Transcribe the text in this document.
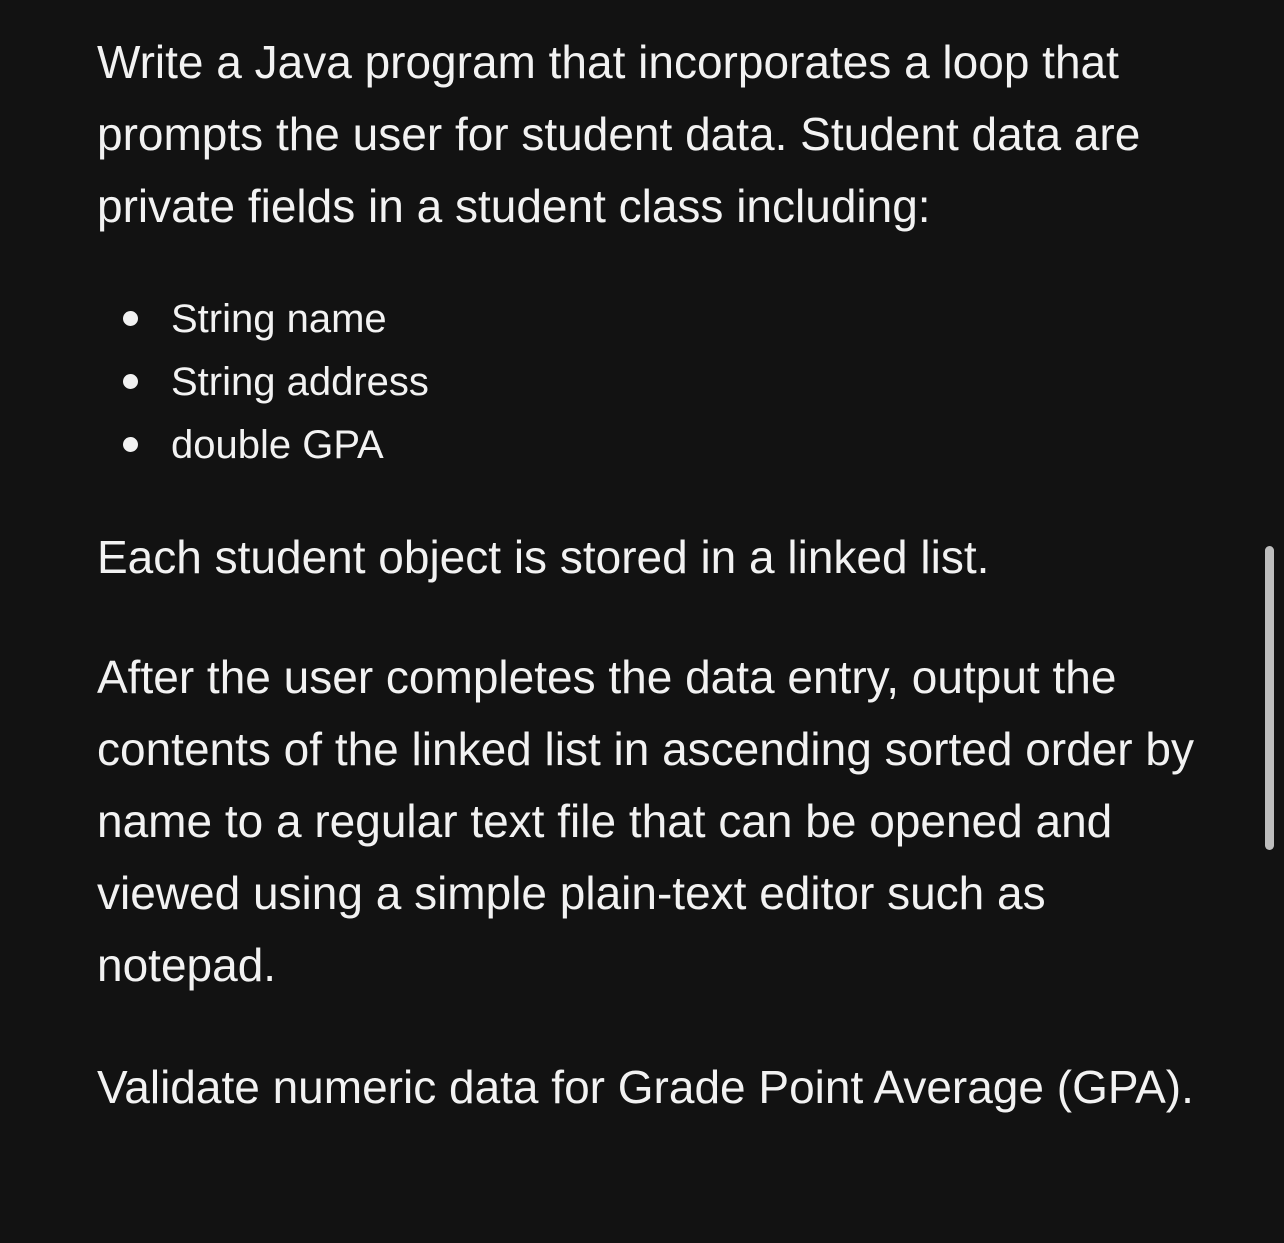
Write a Java program that incorporates a loop that prompts the user for student data. Student data are private fields in a student class including:

String name
String address
double GPA

Each student object is stored in a linked list.

After the user completes the data entry, output the contents of the linked list in ascending sorted order by name to a regular text file that can be opened and viewed using a simple plain-text editor such as notepad.

Validate numeric data for Grade Point Average (GPA).
